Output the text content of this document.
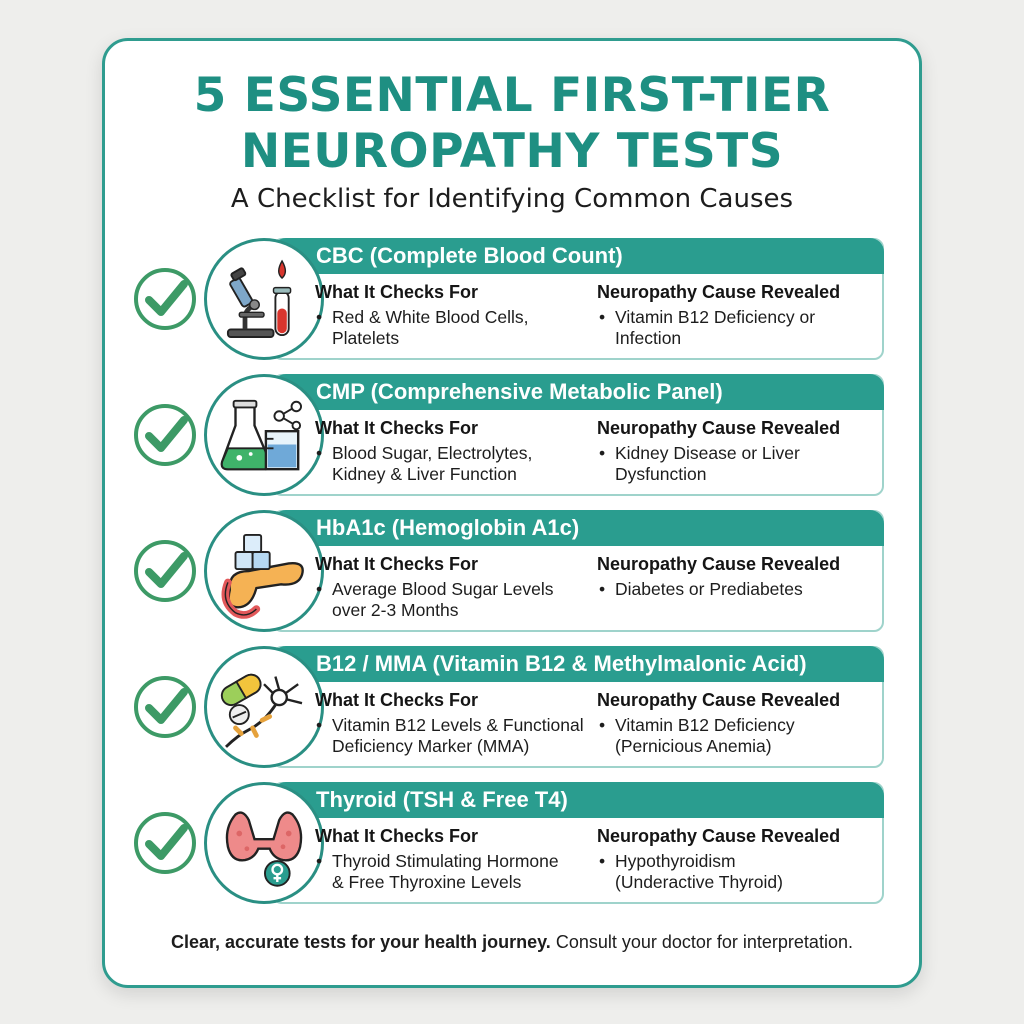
5 ESSENTIAL FIRST-TIER
NEUROPATHY TESTS
A Checklist for Identifying Common Causes
CBC (Complete Blood Count)
What It Checks For	Neuropathy Cause Revealed
• Red & White Blood Cells,
Platelets
• Vitamin B12 Deficiency or
Infection
CMP (Comprehensive Metabolic Panel)
What It Checks For	Neuropathy Cause Revealed
• Blood Sugar, Electrolytes,
Kidney & Liver Function
• Kidney Disease or Liver
Dysfunction
HbA1c (Hemoglobin A1c)
What It Checks For	Neuropathy Cause Revealed
• Average Blood Sugar Levels
over 2-3 Months
• Diabetes or Prediabetes
B12 / MMA (Vitamin B12 & Methylmalonic Acid)
What It Checks For	Neuropathy Cause Revealed
• Vitamin B12 Levels & Functional
Deficiency Marker (MMA)
• Vitamin B12 Deficiency
(Pernicious Anemia)
Thyroid (TSH & Free T4)
What It Checks For	Neuropathy Cause Revealed
• Thyroid Stimulating Hormone
& Free Thyroxine Levels
• Hypothyroidism
(Underactive Thyroid)
Clear, accurate tests for your health journey. Consult your doctor for interpretation.
